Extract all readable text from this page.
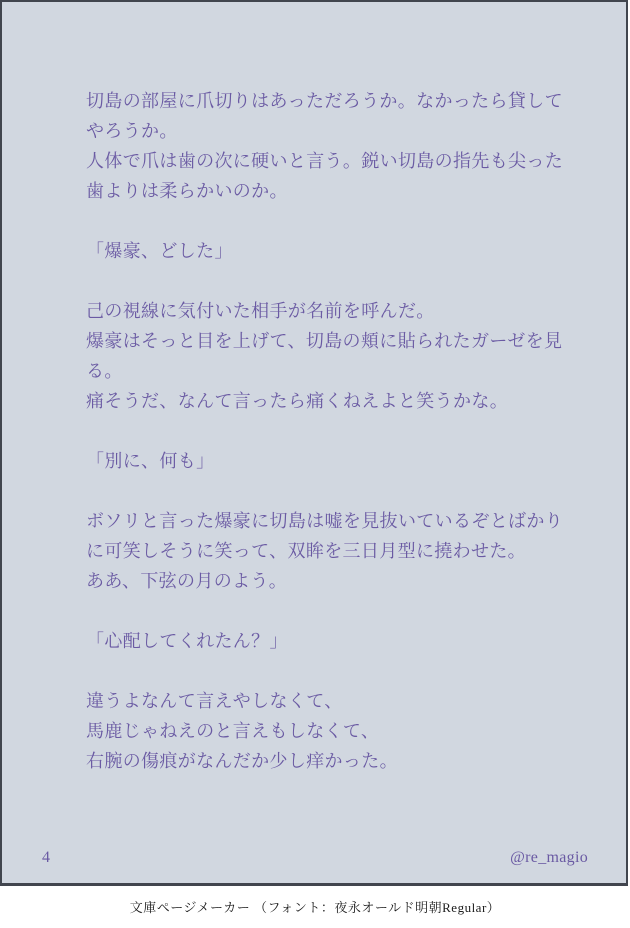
切島の部屋に爪切りはあっただろうか。なかったら貸して
やろうか。
人体で爪は歯の次に硬いと言う。鋭い切島の指先も尖った
歯よりは柔らかいのか。
「爆豪、どした」
己の視線に気付いた相手が名前を呼んだ。
爆豪はそっと目を上げて、切島の頬に貼られたガーゼを見
る。
痛そうだ、なんて言ったら痛くねえよと笑うかな。
「別に、何も」
ボソリと言った爆豪に切島は嘘を見抜いているぞとばかり
に可笑しそうに笑って、双眸を三日月型に撓わせた。
ああ、下弦の月のよう。
「心配してくれたん？」
違うよなんて言えやしなくて、
馬鹿じゃねえのと言えもしなくて、
右腕の傷痕がなんだか少し痒かった。
4	@re_magio
文庫ページメーカー （フォント：夜永オールド明朝Regular）
